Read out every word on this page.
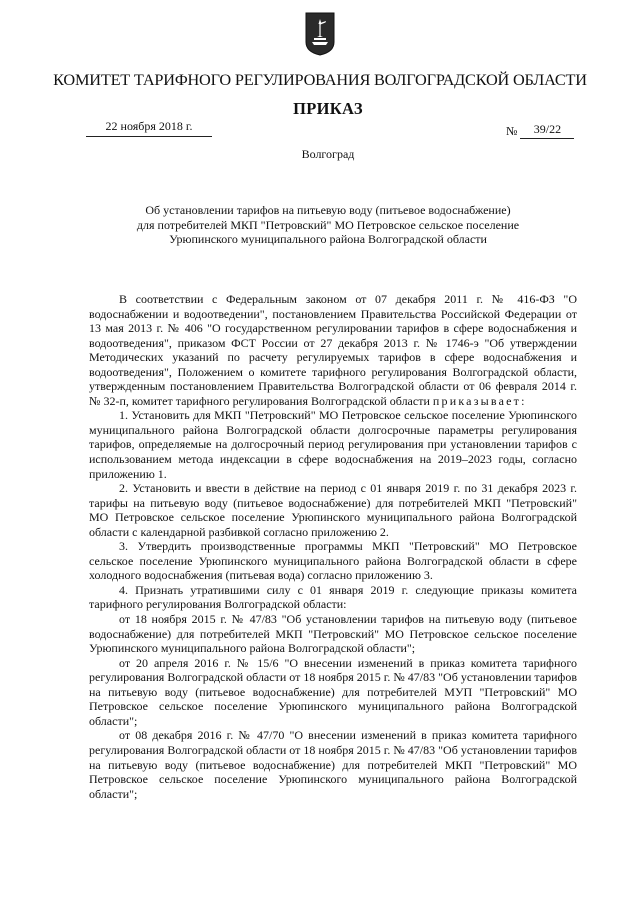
КОМИТЕТ ТАРИФНОГО РЕГУЛИРОВАНИЯ ВОЛГОГРАДСКОЙ ОБЛАСТИ
ПРИКАЗ
22 ноября 2018 г.	№ 39/22
Волгоград
Об установлении тарифов на питьевую воду (питьевое водоснабжение)
для потребителей МКП "Петровский" МО Петровское сельское поселение
Урюпинского муниципального района Волгоградской области

В соответствии с Федеральным законом от 07 декабря 2011 г. № 416-ФЗ "О водоснабжении и водоотведении", постановлением Правительства Российской Федерации от 13 мая 2013 г. № 406 "О государственном регулировании тарифов в сфере водоснабжения и водоотведения", приказом ФСТ России от 27 декабря 2013 г. № 1746-э "Об утверждении Методических указаний по расчету регулируемых тарифов в сфере водоснабжения и водоотведения", Положением о комитете тарифного регулирования Волгоградской области, утвержденным постановлением Правительства Волгоградской области от 06 февраля 2014 г. № 32-п, комитет тарифного регулирования Волгоградской области приказывает:

1. Установить для МКП "Петровский" МО Петровское сельское поселение Урюпинского муниципального района Волгоградской области долгосрочные параметры регулирования тарифов, определяемые на долгосрочный период регулирования при установлении тарифов с использованием метода индексации в сфере водоснабжения на 2019–2023 годы, согласно приложению 1.

2. Установить и ввести в действие на период с 01 января 2019 г. по 31 декабря 2023 г. тарифы на питьевую воду (питьевое водоснабжение) для потребителей МКП "Петровский" МО Петровское сельское поселение Урюпинского муниципального района Волгоградской области с календарной разбивкой согласно приложению 2.

3. Утвердить производственные программы МКП "Петровский" МО Петровское сельское поселение Урюпинского муниципального района Волгоградской области в сфере холодного водоснабжения (питьевая вода) согласно приложению 3.

4. Признать утратившими силу с 01 января 2019 г. следующие приказы комитета тарифного регулирования Волгоградской области:

от 18 ноября 2015 г. № 47/83 "Об установлении тарифов на питьевую воду (питьевое водоснабжение) для потребителей МКП "Петровский" МО Петровское сельское поселение Урюпинского муниципального района Волгоградской области";

от 20 апреля 2016 г. № 15/6 "О внесении изменений в приказ комитета тарифного регулирования Волгоградской области от 18 ноября 2015 г. № 47/83 "Об установлении тарифов на питьевую воду (питьевое водоснабжение) для потребителей МУП "Петровский" МО Петровское сельское поселение Урюпинского муниципального района Волгоградской области";

от 08 декабря 2016 г. № 47/70 "О внесении изменений в приказ комитета тарифного регулирования Волгоградской области от 18 ноября 2015 г. № 47/83 "Об установлении тарифов на питьевую воду (питьевое водоснабжение) для потребителей МКП "Петровский" МО Петровское сельское поселение Урюпинского муниципального района Волгоградской области";
